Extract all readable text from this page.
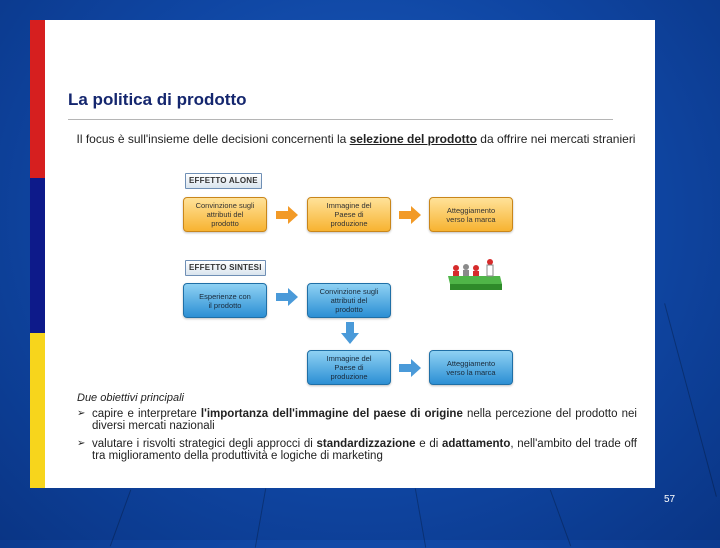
La politica di prodotto
Il focus è sull'insieme delle decisioni concernenti la selezione del prodotto da offrire nei mercati stranieri
EFFETTO ALONE
Convinzione sugli
attributi del
prodotto
Immagine del
Paese di
produzione
Atteggiamento
verso la marca
EFFETTO SINTESI
Esperienze con
il prodotto
Convinzione sugli
attributi del
prodotto
Immagine del
Paese di
produzione
Atteggiamento
verso la marca
Due obiettivi principali
➢ capire e interpretare l'importanza dell'immagine del paese di origine nella percezione del prodotto nei diversi mercati nazionali
➢ valutare i risvolti strategici degli approcci di standardizzazione e di adattamento, nell'ambito del trade off tra miglioramento della produttività e logiche di marketing
57
